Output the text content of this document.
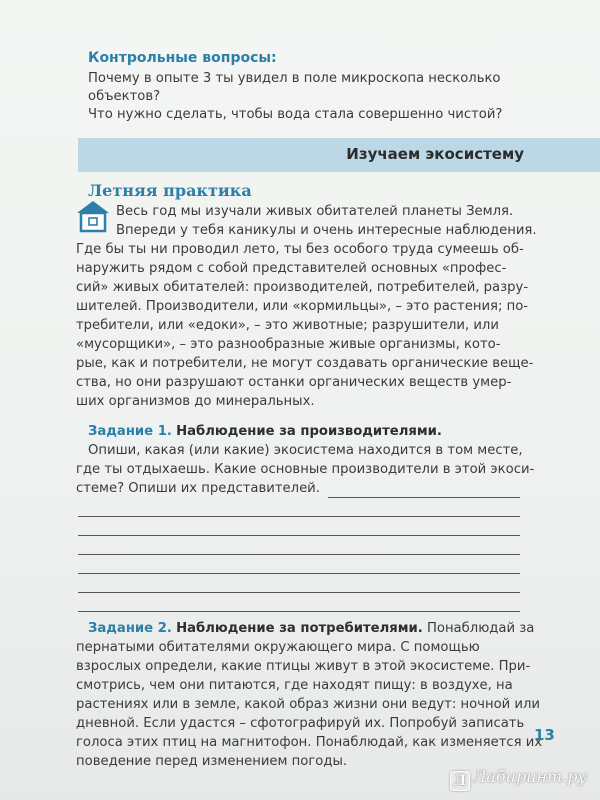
Контрольные вопросы:
Почему в опыте 3 ты увидел в поле микроскопа несколько
объектов?
Что нужно сделать, чтобы вода стала совершенно чистой?
Изучаем экосистему
Летняя практика
Весь год мы изучали живых обитателей планеты Земля.
Впереди у тебя каникулы и очень интересные наблюдения.
Где бы ты ни проводил лето, ты без особого труда сумеешь об-
наружить рядом с собой представителей основных «профес-
сий» живых обитателей: производителей, потребителей, разру-
шителей. Производители, или «кормильцы», – это растения; по-
требители, или «едоки», – это животные; разрушители, или
«мусорщики», – это разнообразные живые организмы, кото-
рые, как и потребители, не могут создавать органические веще-
ства, но они разрушают останки органических веществ умер-
ших организмов до минеральных.
Задание 1. Наблюдение за производителями.
Опиши, какая (или какие) экосистема находится в том месте,
где ты отдыхаешь. Какие основные производители в этой экоси-
стеме? Опиши их представителей.
Задание 2. Наблюдение за потребителями. Понаблюдай за
пернатыми обитателями окружающего мира. С помощью
взрослых определи, какие птицы живут в этой экосистеме. При-
смотрись, чем они питаются, где находят пищу: в воздухе, на
растениях или в земле, какой образ жизни они ведут: ночной или
дневной. Если удастся – сфотографируй их. Попробуй записать
голоса этих птиц на магнитофон. Понаблюдай, как изменяется их
поведение перед изменением погоды.
13
Л Лабиринт.ру
